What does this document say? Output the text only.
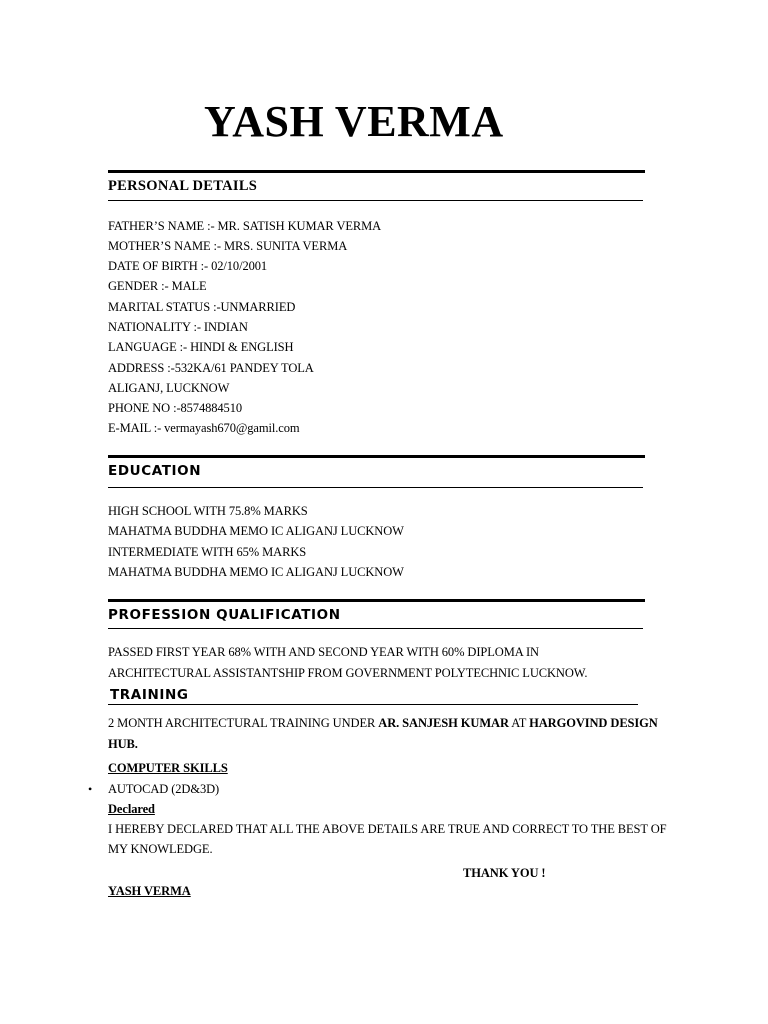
YASH VERMA
PERSONAL DETAILS
FATHER’S NAME :- MR. SATISH KUMAR VERMA
MOTHER’S NAME :- MRS. SUNITA VERMA
DATE OF BIRTH :- 02/10/2001
GENDER :- MALE
MARITAL STATUS :-UNMARRIED
NATIONALITY :- INDIAN
LANGUAGE :- HINDI & ENGLISH
ADDRESS :-532KA/61 PANDEY TOLA
ALIGANJ, LUCKNOW
PHONE NO :-8574884510
E-MAIL :- vermayash670@gamil.com
EDUCATION
HIGH SCHOOL WITH 75.8% MARKS
MAHATMA BUDDHA MEMO IC ALIGANJ LUCKNOW
INTERMEDIATE WITH 65% MARKS
MAHATMA BUDDHA MEMO IC ALIGANJ LUCKNOW
PROFESSION QUALIFICATION
PASSED FIRST YEAR 68% WITH AND SECOND YEAR WITH 60% DIPLOMA IN
ARCHITECTURAL ASSISTANTSHIP FROM GOVERNMENT POLYTECHNIC LUCKNOW.
TRAINING
2 MONTH ARCHITECTURAL TRAINING UNDER AR. SANJESH KUMAR AT HARGOVIND DESIGN
HUB.
COMPUTER SKILLS
• AUTOCAD (2D&3D)
Declared
I HEREBY DECLARED THAT ALL THE ABOVE DETAILS ARE TRUE AND CORRECT TO THE BEST OF
MY KNOWLEDGE.
THANK YOU !
YASH VERMA
